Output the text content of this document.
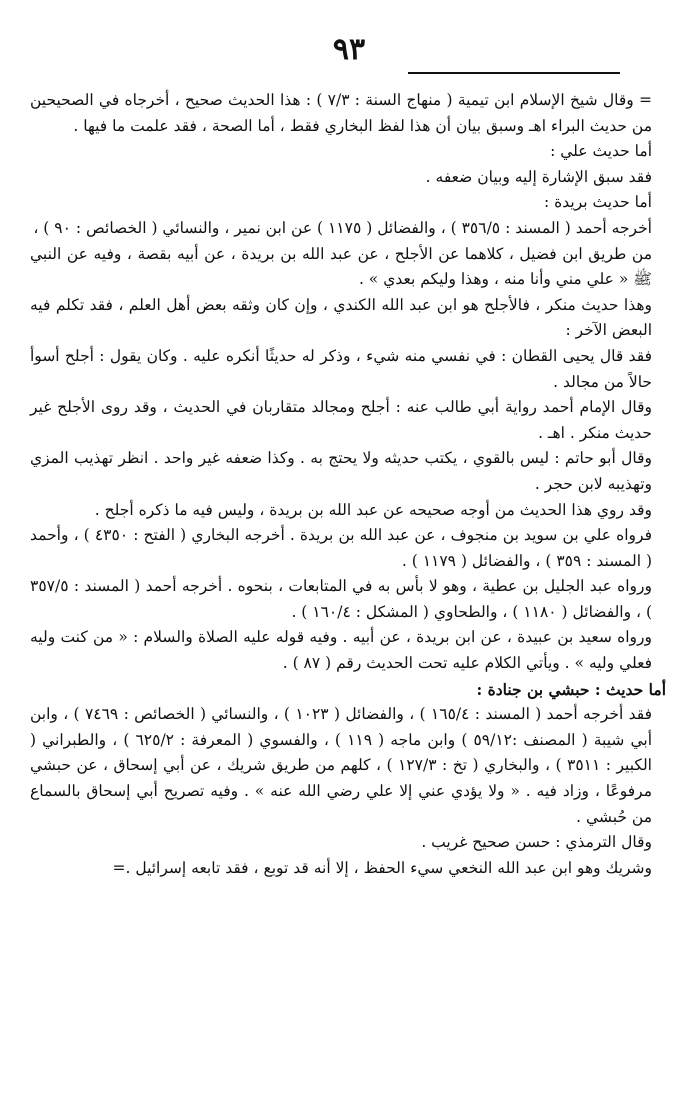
٩٣

= وقال شيخ الإسلام ابن تيمية ( منهاج السنة : ٧/٣ ) : هذا الحديث صحيح ، أخرجاه في الصحيحين من حديث البراء اهـ وسبق بيان أن هذا لفظ البخاري فقط ، أما الصحة ، فقد علمت ما فيها .

أما حديث علي :

فقد سبق الإشارة إليه وبيان ضعفه .

أما حديث بريدة :

أخرجه أحمد ( المسند : ٣٥٦/٥ ) ، والفضائل ( ١١٧٥ ) عن ابن نمير ، والنسائي ( الخصائص : ٩٠ ) ،

من طريق ابن فضيل ، كلاهما عن الأجلح ، عن عبد الله بن بريدة ، عن أبيه بقصة ، وفيه عن النبي ﷺ « علي مني وأنا منه ، وهذا وليكم بعدي » .

وهذا حديث منكر ، فالأجلح هو ابن عبد الله الكندي ، وإن كان وثقه بعض أهل العلم ، فقد تكلم فيه البعض الآخر :

فقد قال يحيى القطان : في نفسي منه شيء ، وذكر له حديثًا أنكره عليه . وكان يقول : أجلح أسوأ حالاً من مجالد .

وقال الإمام أحمد رواية أبي طالب عنه : أجلح ومجالد متقاربان في الحديث ، وقد روى الأجلح غير حديث منكر . اهـ .

وقال أبو حاتم : ليس بالقوي ، يكتب حديثه ولا يحتج به . وكذا ضعفه غير واحد . انظر تهذيب المزي وتهذيبه لابن حجر .

وقد روي هذا الحديث من أوجه صحيحه عن عبد الله بن بريدة ، وليس فيه ما ذكره أجلح .

فرواه علي بن سويد بن منجوف ، عن عبد الله بن بريدة . أخرجه البخاري ( الفتح : ٤٣٥٠ ) ، وأحمد ( المسند : ٣٥٩ ) ، والفضائل ( ١١٧٩ ) .

ورواه عبد الجليل بن عطية ، وهو لا بأس به في المتابعات ، بنحوه . أخرجه أحمد ( المسند : ٣٥٧/٥ ) ، والفضائل ( ١١٨٠ ) ، والطحاوي ( المشكل : ١٦٠/٤ ) .

ورواه سعيد بن عبيدة ، عن ابن بريدة ، عن أبيه . وفيه قوله عليه الصلاة والسلام : « من كنت وليه فعلي وليه » . ويأتي الكلام عليه تحت الحديث رقم ( ٨٧ ) .

أما حديث : حبشي بن جنادة :

فقد أخرجه أحمد ( المسند : ١٦٥/٤ ) ، والفضائل ( ١٠٢٣ ) ، والنسائي ( الخصائص : ٧٤٦٩ ) ، وابن أبي شيبة ( المصنف :٥٩/١٢ ) وابن ماجه ( ١١٩ ) ، والفسوي ( المعرفة : ٦٢٥/٢ ) ، والطبراني ( الكبير : ٣٥١١ ) ، والبخاري ( تخ : ١٢٧/٣ ) ، كلهم من طريق شريك ، عن أبي إسحاق ، عن حبشي مرفوعًا ، وزاد فيه . « ولا يؤدي عني إلا علي رضي الله عنه » . وفيه تصريح أبي إسحاق بالسماع من حُبشي .

وقال الترمذي : حسن صحيح غريب .

وشريك وهو ابن عبد الله النخعي سيء الحفظ ، إلا أنه قد توبع ، فقد تابعه إسرائيل .=
